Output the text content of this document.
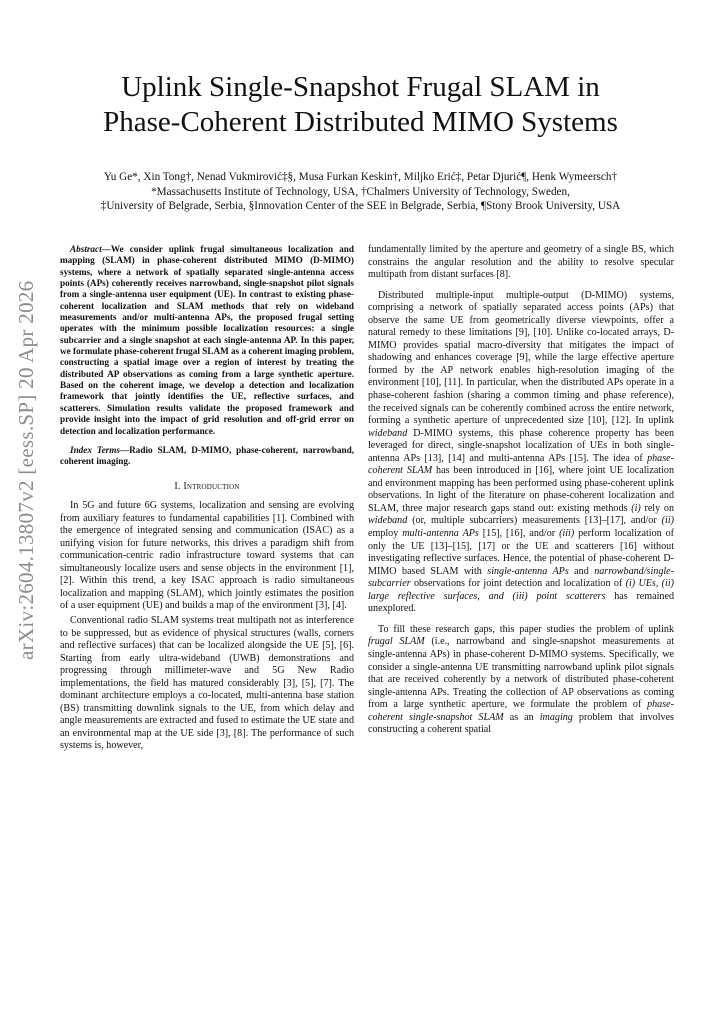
arXiv:2604.13807v2 [eess.SP] 20 Apr 2026
Uplink Single-Snapshot Frugal SLAM in
Phase-Coherent Distributed MIMO Systems
Yu Ge*, Xin Tong†, Nenad Vukmirović‡§, Musa Furkan Keskin†, Miljko Erić‡, Petar Djurić¶, Henk Wymeersch†
*Massachusetts Institute of Technology, USA, †Chalmers University of Technology, Sweden,
‡University of Belgrade, Serbia, §Innovation Center of the SEE in Belgrade, Serbia, ¶Stony Brook University, USA

Abstract—We consider uplink frugal simultaneous localization and mapping (SLAM) in phase-coherent distributed MIMO (D-MIMO) systems, where a network of spatially separated single-antenna access points (APs) coherently receives narrowband, single-snapshot pilot signals from a single-antenna user equipment (UE). In contrast to existing phase-coherent localization and SLAM methods that rely on wideband measurements and/or multi-antenna APs, the proposed frugal setting operates with the minimum possible localization resources: a single subcarrier and a single snapshot at each single-antenna AP. In this paper, we formulate phase-coherent frugal SLAM as a coherent imaging problem, constructing a spatial image over a region of interest by treating the distributed AP observations as coming from a large synthetic aperture. Based on the coherent image, we develop a detection and localization framework that jointly identifies the UE, reflective surfaces, and scatterers. Simulation results validate the proposed framework and provide insight into the impact of grid resolution and off-grid error on detection and localization performance.

Index Terms—Radio SLAM, D-MIMO, phase-coherent, narrowband, coherent imaging.

I. Introduction

In 5G and future 6G systems, localization and sensing are evolving from auxiliary features to fundamental capabilities [1]. Combined with the emergence of integrated sensing and communication (ISAC) as a unifying vision for future networks, this drives a paradigm shift from communication-centric radio infrastructure toward systems that can simultaneously localize users and sense objects in the environment [1], [2]. Within this trend, a key ISAC approach is radio simultaneous localization and mapping (SLAM), which jointly estimates the position of a user equipment (UE) and builds a map of the environment [3], [4].

Conventional radio SLAM systems treat multipath not as interference to be suppressed, but as evidence of physical structures (walls, corners and reflective surfaces) that can be localized alongside the UE [5], [6]. Starting from early ultra-wideband (UWB) demonstrations and progressing through millimeter-wave and 5G New Radio implementations, the field has matured considerably [3], [5], [7]. The dominant architecture employs a co-located, multi-antenna base station (BS) transmitting downlink signals to the UE, from which delay and angle measurements are extracted and fused to estimate the UE state and an environmental map at the UE side [3], [8]. The performance of such systems is, however,

fundamentally limited by the aperture and geometry of a single BS, which constrains the angular resolution and the ability to resolve specular multipath from distant surfaces [8].

Distributed multiple-input multiple-output (D-MIMO) systems, comprising a network of spatially separated access points (APs) that observe the same UE from geometrically diverse viewpoints, offer a natural remedy to these limitations [9], [10]. Unlike co-located arrays, D-MIMO provides spatial macro-diversity that mitigates the impact of shadowing and enhances coverage [9], while the large effective aperture formed by the AP network enables high-resolution imaging of the environment [10], [11]. In particular, when the distributed APs operate in a phase-coherent fashion (sharing a common timing and phase reference), the received signals can be coherently combined across the entire network, forming a synthetic aperture of unprecedented size [10], [12]. In uplink wideband D-MIMO systems, this phase coherence property has been leveraged for direct, single-snapshot localization of UEs in both single-antenna APs [13], [14] and multi-antenna APs [15]. The idea of phase-coherent SLAM has been introduced in [16], where joint UE localization and environment mapping has been performed using phase-coherent uplink observations. In light of the literature on phase-coherent localization and SLAM, three major research gaps stand out: existing methods (i) rely on wideband (or, multiple subcarriers) measurements [13]–[17], and/or (ii) employ multi-antenna APs [15], [16], and/or (iii) perform localization of only the UE [13]–[15], [17] or the UE and scatterers [16] without investigating reflective surfaces. Hence, the potential of phase-coherent D-MIMO based SLAM with single-antenna APs and narrowband/single-subcarrier observations for joint detection and localization of (i) UEs, (ii) large reflective surfaces, and (iii) point scatterers has remained unexplored.

To fill these research gaps, this paper studies the problem of uplink frugal SLAM (i.e., narrowband and single-snapshot measurements at single-antenna APs) in phase-coherent D-MIMO systems. Specifically, we consider a single-antenna UE transmitting narrowband uplink pilot signals that are received coherently by a network of distributed phase-coherent single-antenna APs. Treating the collection of AP observations as coming from a large synthetic aperture, we formulate the problem of phase-coherent single-snapshot SLAM as an imaging problem that involves constructing a coherent spatial
